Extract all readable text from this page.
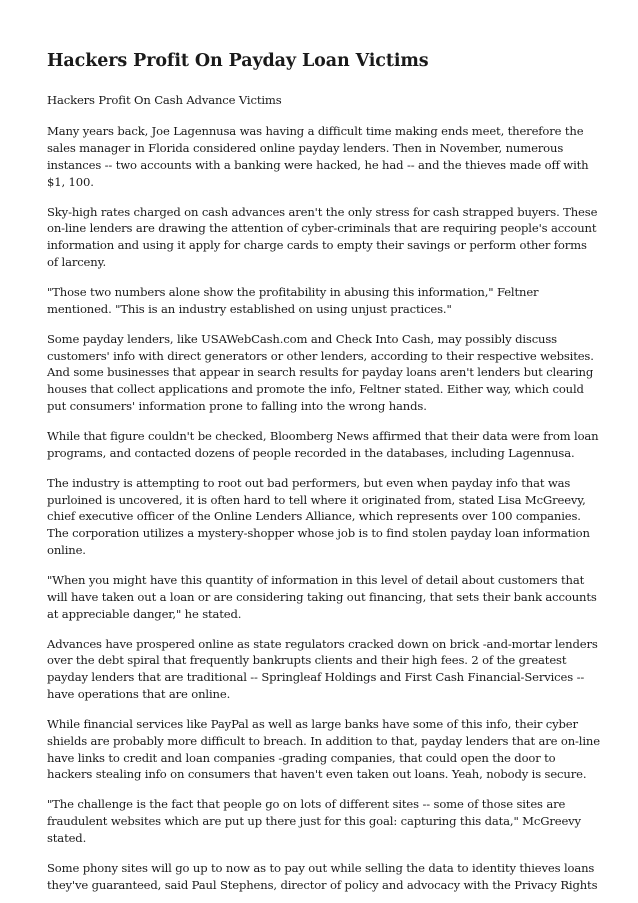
Hackers Profit On Payday Loan Victims

Hackers Profit On Cash Advance Victims

Many years back, Joe Lagennusa was having a difficult time making ends meet, therefore the sales manager in Florida considered online payday lenders. Then in November, numerous instances -- two accounts with a banking were hacked, he had -- and the thieves made off with $1, 100.

Sky-high rates charged on cash advances aren't the only stress for cash strapped buyers. These on-line lenders are drawing the attention of cyber-criminals that are requiring people's account information and using it apply for charge cards to empty their savings or perform other forms of larceny.

"Those two numbers alone show the profitability in abusing this information," Feltner mentioned. "This is an industry established on using unjust practices."

Some payday lenders, like USAWebCash.com and Check Into Cash, may possibly discuss customers' info with direct generators or other lenders, according to their respective websites. And some businesses that appear in search results for payday loans aren't lenders but clearing houses that collect applications and promote the info, Feltner stated. Either way, which could put consumers' information prone to falling into the wrong hands.

While that figure couldn't be checked, Bloomberg News affirmed that their data were from loan programs, and contacted dozens of people recorded in the databases, including Lagennusa.

The industry is attempting to root out bad performers, but even when payday info that was purloined is uncovered, it is often hard to tell where it originated from, stated Lisa McGreevy, chief executive officer of the Online Lenders Alliance, which represents over 100 companies. The corporation utilizes a mystery-shopper whose job is to find stolen payday loan information online.

"When you might have this quantity of information in this level of detail about customers that will have taken out a loan or are considering taking out financing, that sets their bank accounts at appreciable danger," he stated.

Advances have prospered online as state regulators cracked down on brick -and-mortar lenders over the debt spiral that frequently bankrupts clients and their high fees. 2 of the greatest payday lenders that are traditional -- Springleaf Holdings and First Cash Financial-Services -- have operations that are online.

While financial services like PayPal as well as large banks have some of this info, their cyber shields are probably more difficult to breach. In addition to that, payday lenders that are on-line have links to credit and loan companies -grading companies, that could open the door to hackers stealing info on consumers that haven't even taken out loans. Yeah, nobody is secure.

"The challenge is the fact that people go on lots of different sites -- some of those sites are fraudulent websites which are put up there just for this goal: capturing this data," McGreevy stated.

Some phony sites will go up to now as to pay out while selling the data to identity thieves loans they've guaranteed, said Paul Stephens, director of policy and advocacy with the Privacy Rights
